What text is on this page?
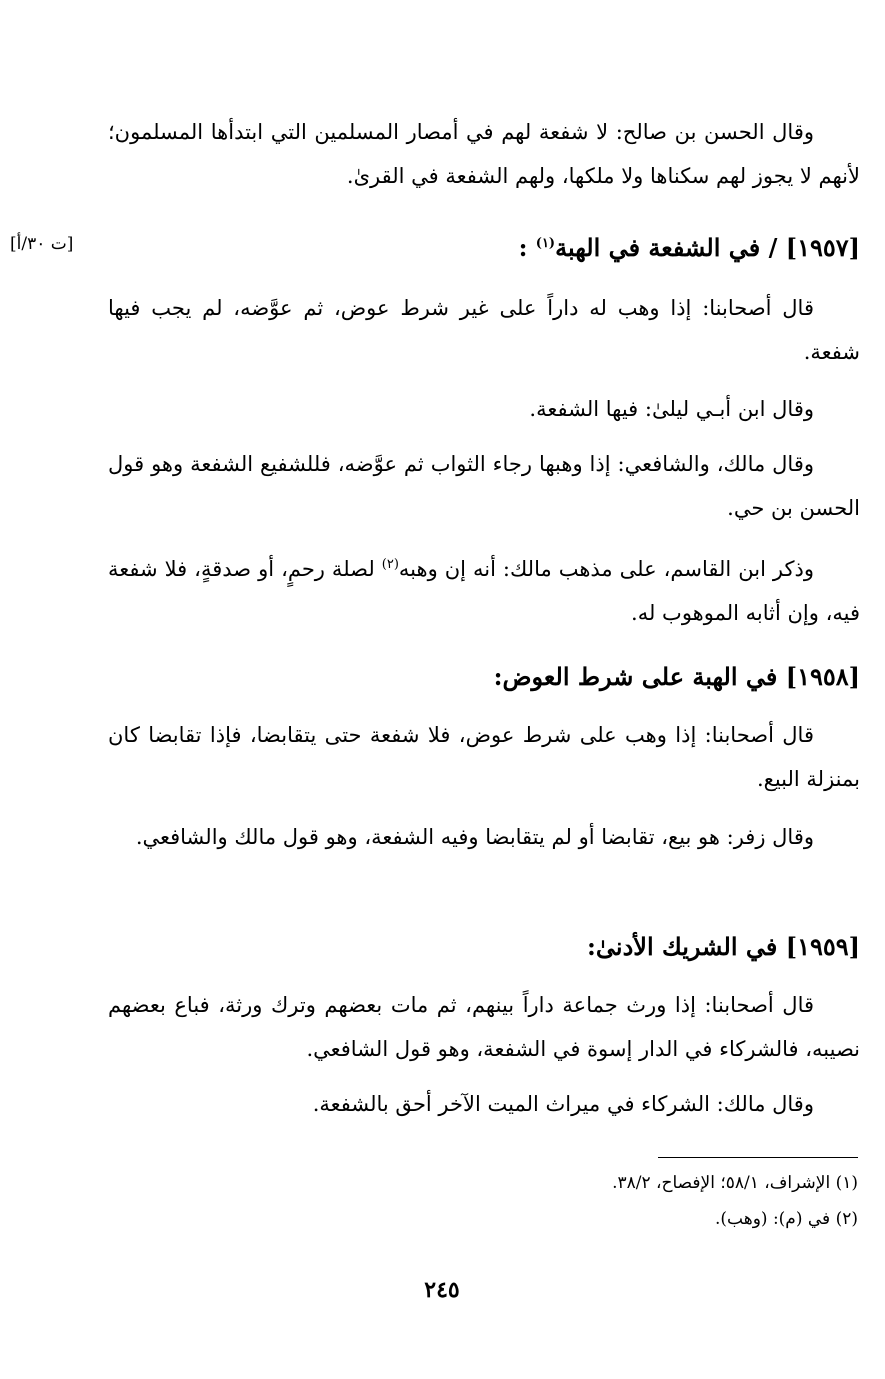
وقال الحسن بن صالح: لا شفعة لهم في أمصار المسلمين التي ابتدأها المسلمون؛ لأنهم لا يجوز لهم سكناها ولا ملكها، ولهم الشفعة في القرىٰ.

[١٩٥٧] / في الشفعة في الهبة$^{(١)}$ :

[ت ٣٠/أ]

قال أصحابنا: إذا وهب له داراً على غير شرط عوض، ثم عوَّضه، لم يجب فيها شفعة.

وقال ابن أبـي ليلىٰ: فيها الشفعة.

وقال مالك، والشافعي: إذا وهبها رجاء الثواب ثم عوَّضه، فللشفيع الشفعة وهو قول الحسن بن حي.

وذكر ابن القاسم، على مذهب مالك: أنه إن وهبه$^{(٢)}$ لصلة رحمٍ، أو صدقةٍ، فلا شفعة فيه، وإن أثابه الموهوب له.

[١٩٥٨] في الهبة على شرط العوض:

قال أصحابنا: إذا وهب على شرط عوض، فلا شفعة حتى يتقابضا، فإذا تقابضا كان بمنزلة البيع.

وقال زفر: هو بيع، تقابضا أو لم يتقابضا وفيه الشفعة، وهو قول مالك والشافعي.

[١٩٥٩] في الشريك الأدنىٰ:

قال أصحابنا: إذا ورث جماعة داراً بينهم، ثم مات بعضهم وترك ورثة، فباع بعضهم نصيبه، فالشركاء في الدار إسوة في الشفعة، وهو قول الشافعي.

وقال مالك: الشركاء في ميراث الميت الآخر أحق بالشفعة.

(١) الإشراف، ٥٨/١؛ الإفصاح، ٣٨/٢.
(٢) في (م): (وهب).
٢٤٥
